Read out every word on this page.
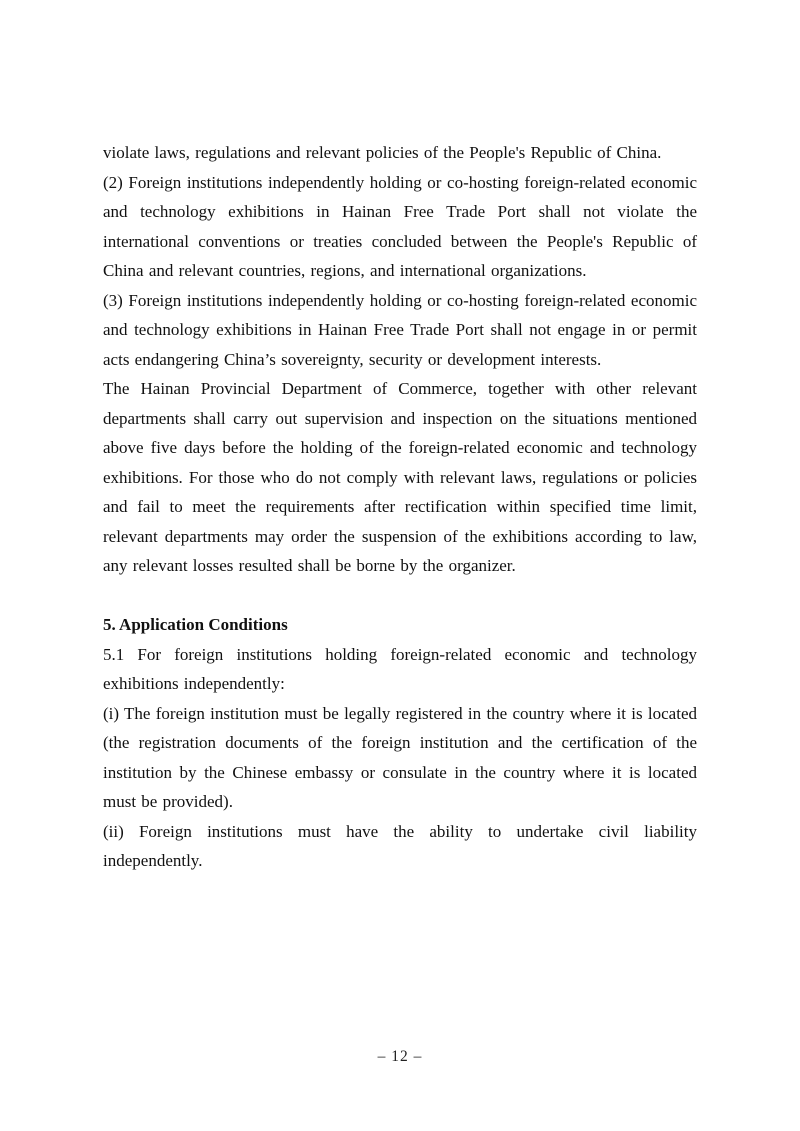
violate laws, regulations and relevant policies of the People's Republic of China.

(2) Foreign institutions independently holding or co-hosting foreign-related economic and technology exhibitions in Hainan Free Trade Port shall not violate the international conventions or treaties concluded between the People's Republic of China and relevant countries, regions, and international organizations.

(3) Foreign institutions independently holding or co-hosting foreign-related economic and technology exhibitions in Hainan Free Trade Port shall not engage in or permit acts endangering China’s sovereignty, security or development interests.

The Hainan Provincial Department of Commerce, together with other relevant departments shall carry out supervision and inspection on the situations mentioned above five days before the holding of the foreign-related economic and technology exhibitions. For those who do not comply with relevant laws, regulations or policies and fail to meet the requirements after rectification within specified time limit, relevant departments may order the suspension of the exhibitions according to law, any relevant losses resulted shall be borne by the organizer.

5. Application Conditions

5.1 For foreign institutions holding foreign-related economic and technology exhibitions independently:

(i) The foreign institution must be legally registered in the country where it is located (the registration documents of the foreign institution and the certification of the institution by the Chinese embassy or consulate in the country where it is located must be provided).

(ii) Foreign institutions must have the ability to undertake civil liability independently.

– 12 –
